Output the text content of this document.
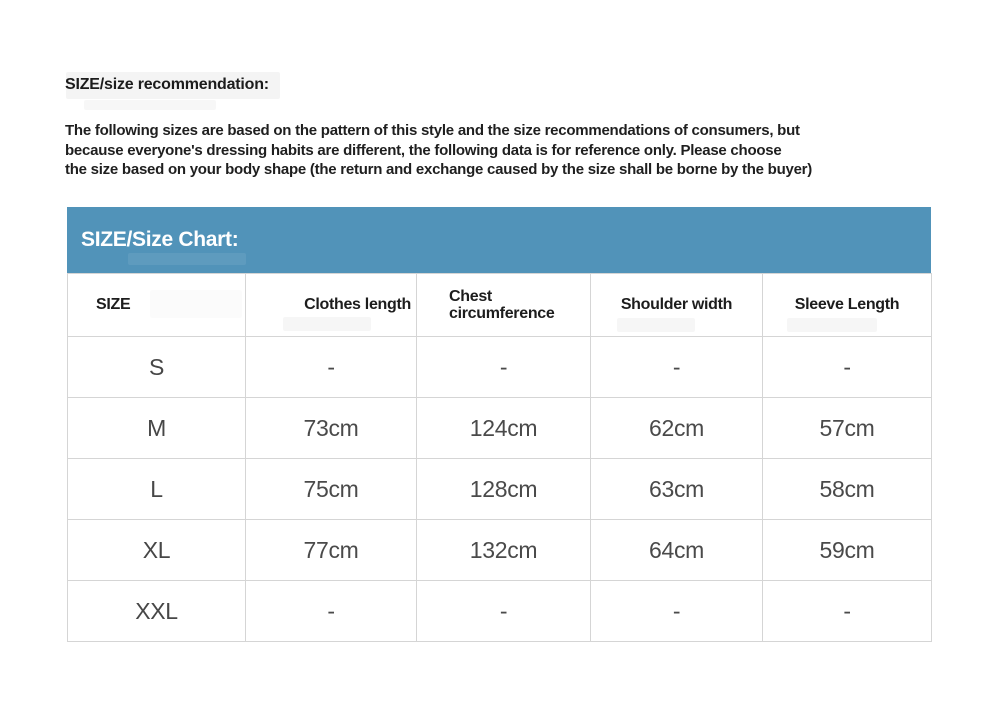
SIZE/size recommendation:
The following sizes are based on the pattern of this style and the size recommendations of consumers, but
because everyone's dressing habits are different, the following data is for reference only. Please choose
the size based on your body shape (the return and exchange caused by the size shall be borne by the buyer)
SIZE/Size Chart:
SIZE	Clothes length	Chest circumference	Shoulder width	Sleeve Length
S	-	-	-	-
M	73cm	124cm	62cm	57cm
L	75cm	128cm	63cm	58cm
XL	77cm	132cm	64cm	59cm
XXL	-	-	-	-
